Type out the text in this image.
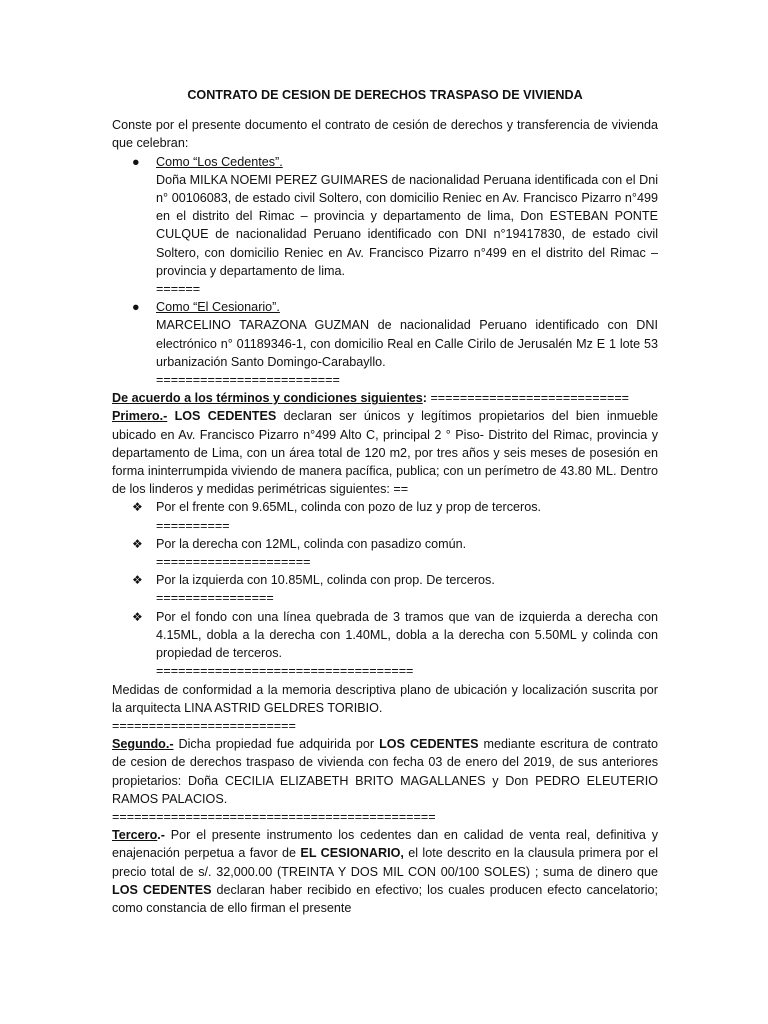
CONTRATO DE CESION DE DERECHOS TRASPASO DE VIVIENDA

Conste por el presente documento el contrato de cesión de derechos y transferencia de vivienda que celebran:

● Como “Los Cedentes”.

Doña MILKA NOEMI PEREZ GUIMARES de nacionalidad Peruana identificada con el Dni n° 00106083, de estado civil Soltero, con domicilio Reniec en Av. Francisco Pizarro n°499 en el distrito del Rimac – provincia y departamento de lima, Don ESTEBAN PONTE CULQUE de nacionalidad Peruano identificado con DNI n°19417830, de estado civil Soltero, con domicilio Reniec en Av. Francisco Pizarro n°499 en el distrito del Rimac – provincia y departamento de lima.

======
● Como “El Cesionario”.

MARCELINO TARAZONA GUZMAN de nacionalidad Peruano identificado con DNI electrónico n° 01189346-1, con domicilio Real en Calle Cirilo de Jerusalén Mz E 1 lote 53 urbanización Santo Domingo-Carabayllo.

=========================
De acuerdo a los términos y condiciones siguientes: ===========================

Primero.- LOS CEDENTES declaran ser únicos y legítimos propietarios del bien inmueble ubicado en Av. Francisco Pizarro n°499 Alto C, principal 2 ° Piso- Distrito del Rimac, provincia y departamento de Lima, con un área total de 120 m2, por tres años y seis meses de posesión en forma ininterrumpida viviendo de manera pacífica, publica; con un perímetro de 43.80 ML. Dentro de los linderos y medidas perimétricas siguientes: ==

❖ Por el frente con 9.65ML, colinda con pozo de luz y prop de terceros.

==========
❖ Por la derecha con 12ML, colinda con pasadizo común.

=====================
❖ Por la izquierda con 10.85ML, colinda con prop. De terceros.

================
❖ Por el fondo con una línea quebrada de 3 tramos que van de izquierda a derecha con 4.15ML, dobla a la derecha con 1.40ML, dobla a la derecha con 5.50ML y colinda con propiedad de terceros.

===================================

Medidas de conformidad a la memoria descriptiva plano de ubicación y localización suscrita por la arquitecta LINA ASTRID GELDRES TORIBIO.

=========================

Segundo.- Dicha propiedad fue adquirida por LOS CEDENTES mediante escritura de contrato de cesion de derechos traspaso de vivienda con fecha 03 de enero del 2019, de sus anteriores propietarios: Doña CECILIA ELIZABETH BRITO MAGALLANES y Don PEDRO ELEUTERIO RAMOS PALACIOS.

============================================

Tercero.- Por el presente instrumento los cedentes dan en calidad de venta real, definitiva y enajenación perpetua a favor de EL CESIONARIO, el lote descrito en la clausula primera por el precio total de s/. 32,000.00 (TREINTA Y DOS MIL CON 00/100 SOLES) ; suma de dinero que LOS CEDENTES declaran haber recibido en efectivo; los cuales producen efecto cancelatorio; como constancia de ello firman el presente
